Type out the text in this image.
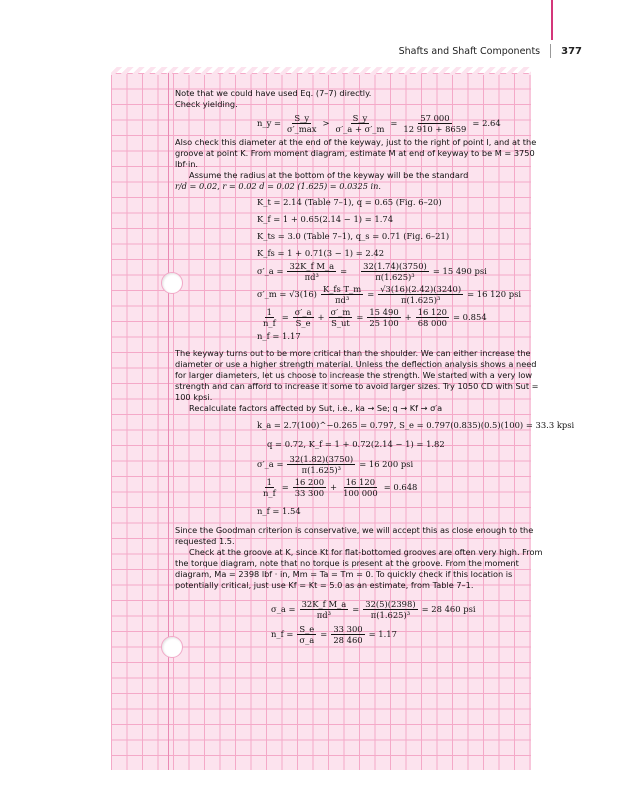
Shafts and Shaft Components 377

Note that we could have used Eq. (7–7) directly.

Check yielding.

n_y = $\frac{S\_y}{\sigma'\_\max} > \frac{S\_y}{\sigma'\_a + \sigma'\_m} = \frac{57 000}{12 910 + 8659} = 2.64$

Also check this diameter at the end of the keyway, just to the right of point I, and at the groove at point K. From moment diagram, estimate M at end of keyway to be M = 3750 lbf·in.

Assume the radius at the bottom of the keyway will be the standard

r/d = 0.02, r = 0.02 d = 0.02 (1.625) = 0.0325 in.

K_t = 2.14 (Table 7–1), q = 0.65 (Fig. 6–20)
K_f = 1 + 0.65(2.14 − 1) = 1.74
K_ts = 3.0 (Table 7–1), q_s = 0.71 (Fig. 6–21)
K_fs = 1 + 0.71(3 − 1) = 2.42
σ′_a = $\frac{\text{32K\_f M\_a}}{\text{πd³}} = \frac{32(1.74)(3750)}{\text{π(1.625)³}} = 15$ 490 psi
σ′_m = $√3(16) \frac{\text{K\_fs T\_m}}{\text{πd³}} = \frac{√3(16)(2.42)(3240)}{\text{π(1.625)³}} = 16$ 120 psi
$\frac{1}{n\_f} = \frac{\sigma'\_a}{S\_e} + \frac{\sigma'\_m}{S\_ut} = \frac{15 490}{25 100} + \frac{16 120}{68 000} = 0.854$
n_f = 1.17

The keyway turns out to be more critical than the shoulder. We can either increase the diameter or use a higher strength material. Unless the deflection analysis shows a need for larger diameters, let us choose to increase the strength. We started with a very low strength and can afford to increase it some to avoid larger sizes. Try 1050 CD with Sut = 100 kpsi.

Recalculate factors affected by Sut, i.e., ka → Se; q → Kf → σ′a

k_a = 2.7(100)^−0.265 = 0.797, S_e = 0.797(0.835)(0.5)(100) = 33.3 kpsi
q = 0.72, K_f = 1 + 0.72(2.14 − 1) = 1.82
σ′_a = $\frac{32(1.82)(3750)}{\text{π(1.625)³}} = 16$ 200 psi
$\frac{1}{n\_f} = \frac{16 200}{33 300} + \frac{16 120}{100 000} = 0.648$
n_f = 1.54

Since the Goodman criterion is conservative, we will accept this as close enough to the requested 1.5.

Check at the groove at K, since Kt for flat-bottomed grooves are often very high. From the torque diagram, note that no torque is present at the groove. From the moment diagram, Ma = 2398 lbf · in, Mm = Ta = Tm = 0. To quickly check if this location is potentially critical, just use Kf = Kt = 5.0 as an estimate, from Table 7–1.

σ_a = $\frac{\text{32K\_f M\_a}}{\text{πd³}} = \frac{32(5)(2398)}{\text{π(1.625)³}} = 28$ 460 psi
n_f = $\frac{S\_e}{\sigma\_a} = \frac{33 300}{28 460} = 1.17$
